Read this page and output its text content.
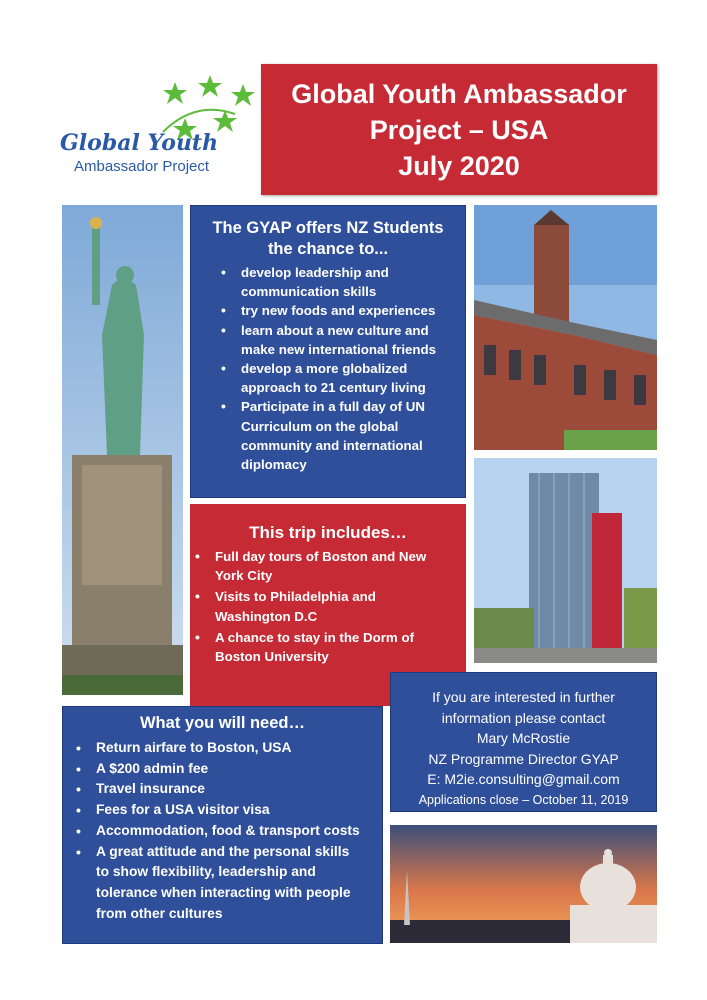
Global Youth
Ambassador Project
Global Youth Ambassador
Project – USA
July 2020
The GYAP offers NZ Students
the chance to...
• develop leadership and
communication skills
• try new foods and experiences
• learn about a new culture and
make new international friends
• develop a more globalized
approach to 21 century living
• Participate in a full day of UN
Curriculum on the global
community and international
diplomacy
This trip includes…
• Full day tours of Boston and New
York City
• Visits to Philadelphia and
Washington D.C
• A chance to stay in the Dorm of
Boston University

If you are interested in further

information please contact

Mary McRostie

NZ Programme Director GYAP

E: M2ie.consulting@gmail.com

Applications close – October 11, 2019

What you will need…
• Return airfare to Boston, USA
• A $200 admin fee
• Travel insurance
• Fees for a USA visitor visa
• Accommodation, food & transport costs
• A great attitude and the personal skills
to show flexibility, leadership and
tolerance when interacting with people
from other cultures
